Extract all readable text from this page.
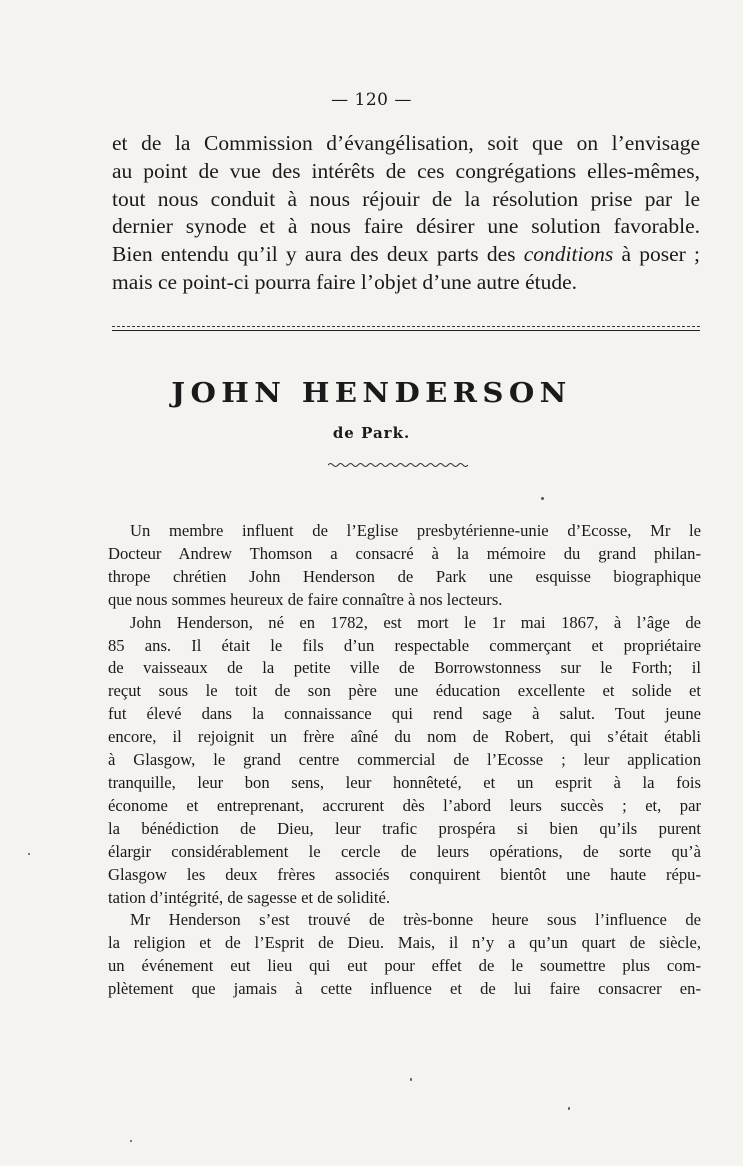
— 120 —
et de la Commission d’évangélisation, soit que on l’envisage
au point de vue des intérêts de ces congrégations elles-mêmes,
tout nous conduit à nous réjouir de la résolution prise par le
dernier synode et à nous faire désirer une solution favorable.
Bien entendu qu’il y aura des deux parts des conditions à poser ;
mais ce point-ci pourra faire l’objet d’une autre étude.
JOHN HENDERSON
de Park.
Un membre influent de l’Eglise presbytérienne-unie d’Ecosse, Mr le
Docteur Andrew Thomson a consacré à la mémoire du grand philan-
thrope chrétien John Henderson de Park une esquisse biographique
que nous sommes heureux de faire connaître à nos lecteurs.
John Henderson, né en 1782, est mort le 1r mai 1867, à l’âge de
85 ans. Il était le fils d’un respectable commerçant et propriétaire
de vaisseaux de la petite ville de Borrowstonness sur le Forth; il
reçut sous le toit de son père une éducation excellente et solide et
fut élevé dans la connaissance qui rend sage à salut. Tout jeune
encore, il rejoignit un frère aîné du nom de Robert, qui s’était établi
à Glasgow, le grand centre commercial de l’Ecosse ; leur application
tranquille, leur bon sens, leur honnêteté, et un esprit à la fois
économe et entreprenant, accrurent dès l’abord leurs succès ; et, par
la bénédiction de Dieu, leur trafic prospéra si bien qu’ils purent
élargir considérablement le cercle de leurs opérations, de sorte qu’à
Glasgow les deux frères associés conquirent bientôt une haute répu-
tation d’intégrité, de sagesse et de solidité.
Mr Henderson s’est trouvé de très-bonne heure sous l’influence de
la religion et de l’Esprit de Dieu. Mais, il n’y a qu’un quart de siècle,
un événement eut lieu qui eut pour effet de le soumettre plus com-
plètement que jamais à cette influence et de lui faire consacrer en-
